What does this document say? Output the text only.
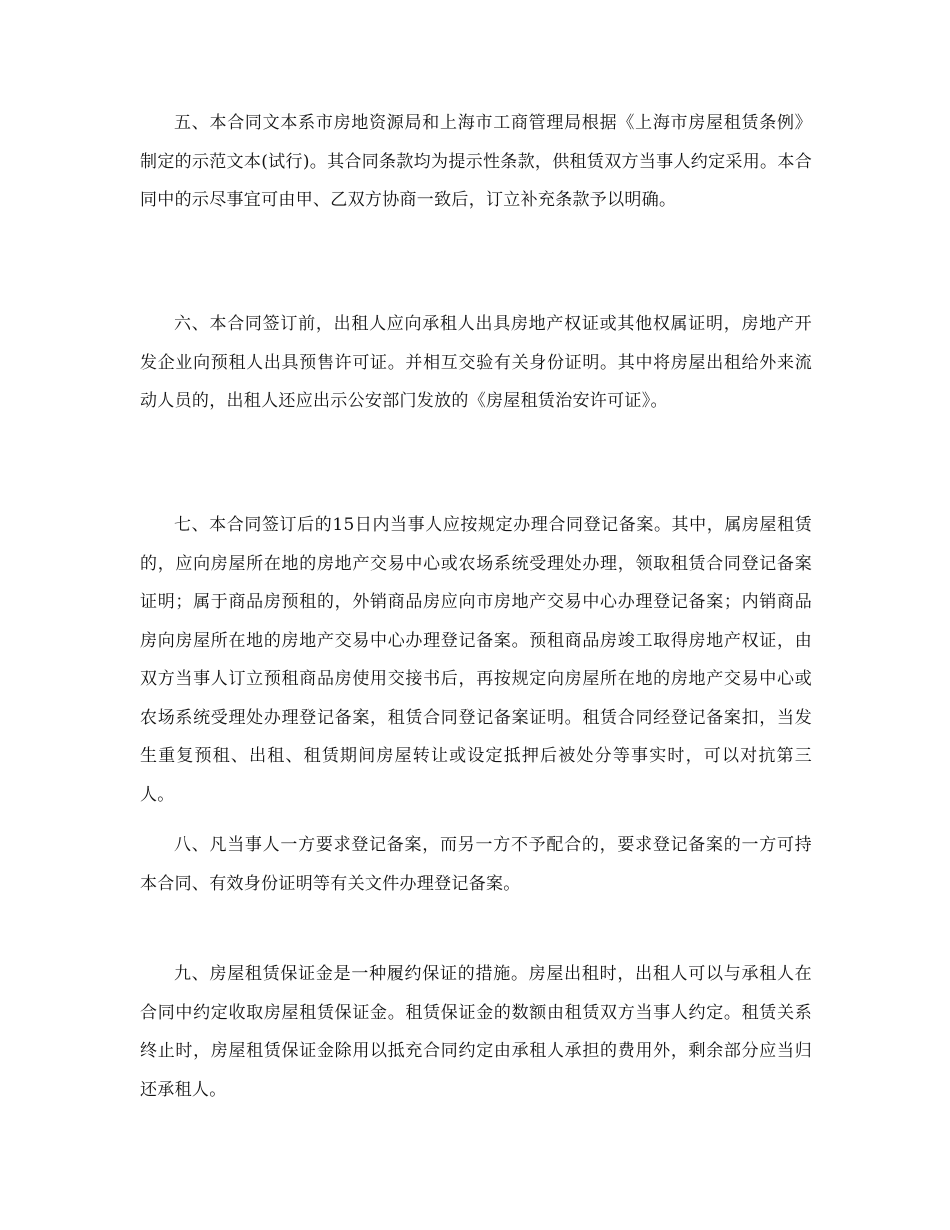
五、本合同文本系市房地资源局和上海市工商管理局根据《上海市房屋租赁条例》制定的示范文本(试行)。其合同条款均为提示性条款，供租赁双方当事人约定采用。本合同中的示尽事宜可由甲、乙双方协商一致后，订立补充条款予以明确。

六、本合同签订前，出租人应向承租人出具房地产权证或其他权属证明，房地产开发企业向预租人出具预售许可证。并相互交验有关身份证明。其中将房屋出租给外来流动人员的，出租人还应出示公安部门发放的《房屋租赁治安许可证》。

七、本合同签订后的15日内当事人应按规定办理合同登记备案。其中，属房屋租赁的，应向房屋所在地的房地产交易中心或农场系统受理处办理，领取租赁合同登记备案证明；属于商品房预租的，外销商品房应向市房地产交易中心办理登记备案；内销商品房向房屋所在地的房地产交易中心办理登记备案。预租商品房竣工取得房地产权证，由双方当事人订立预租商品房使用交接书后，再按规定向房屋所在地的房地产交易中心或农场系统受理处办理登记备案，租赁合同登记备案证明。租赁合同经登记备案扣，当发生重复预租、出租、租赁期间房屋转让或设定抵押后被处分等事实时，可以对抗第三人。

八、凡当事人一方要求登记备案，而另一方不予配合的，要求登记备案的一方可持本合同、有效身份证明等有关文件办理登记备案。

九、房屋租赁保证金是一种履约保证的措施。房屋出租时，出租人可以与承租人在合同中约定收取房屋租赁保证金。租赁保证金的数额由租赁双方当事人约定。租赁关系终止时，房屋租赁保证金除用以抵充合同约定由承租人承担的费用外，剩余部分应当归还承租人。
